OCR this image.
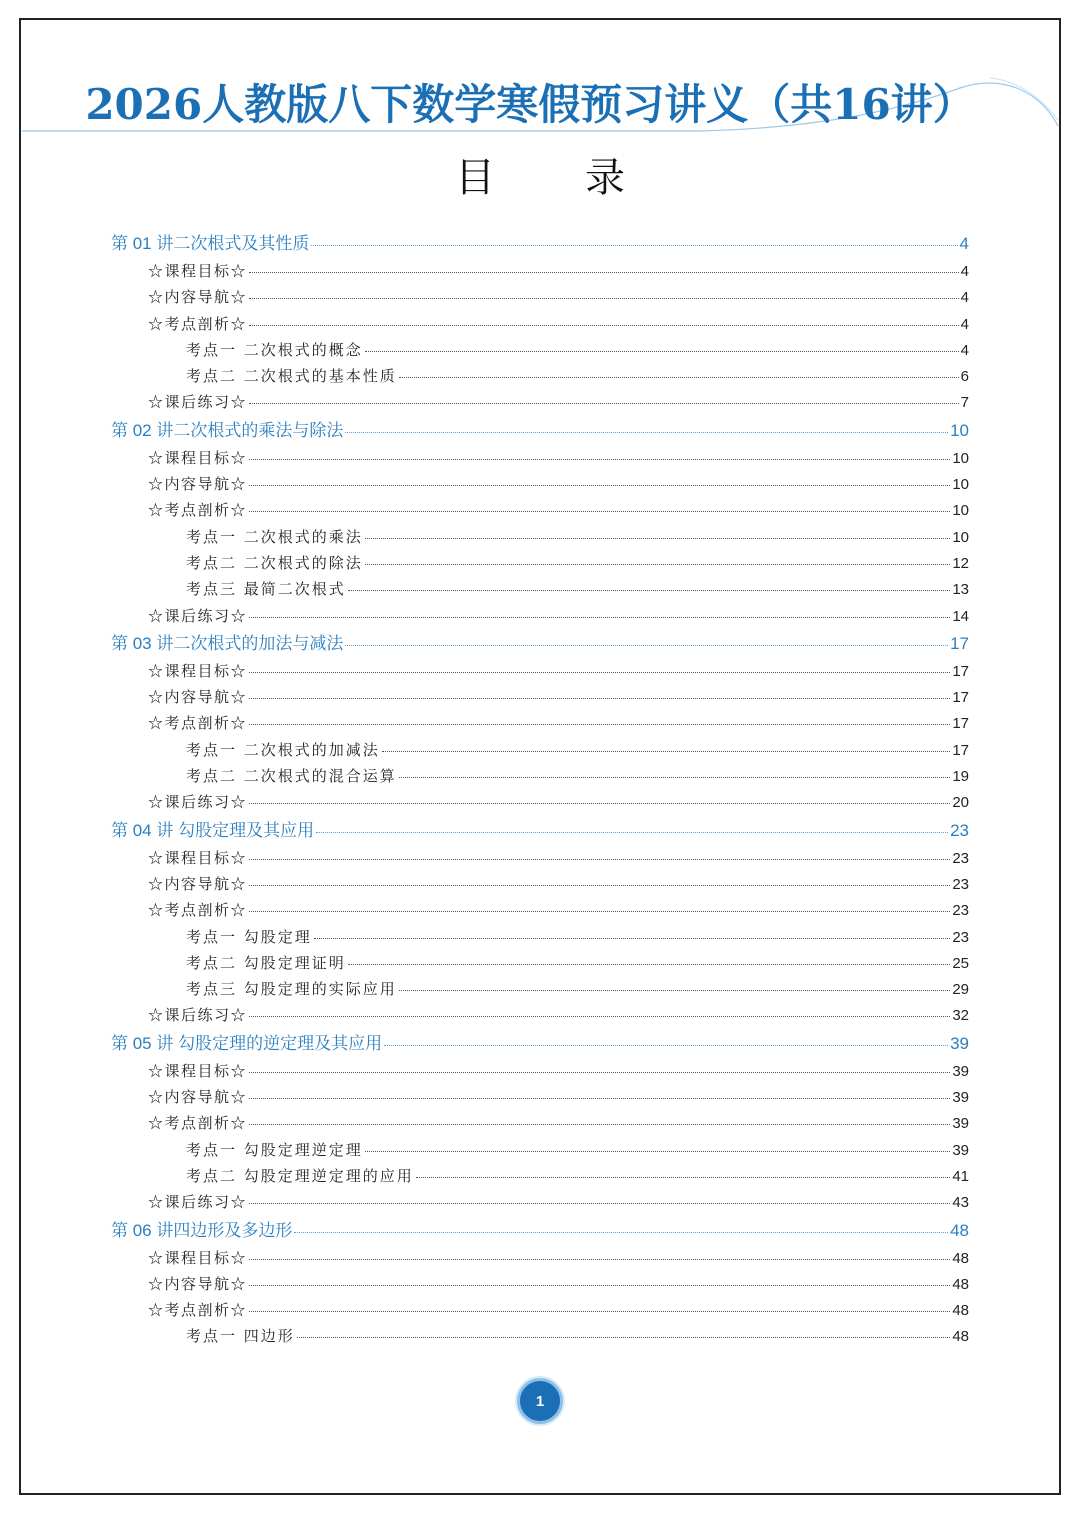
2026人教版八下数学寒假预习讲义（共16讲）
目 录
第 01 讲二次根式及其性质	4
☆课程目标☆	4
☆内容导航☆	4
☆考点剖析☆	4
考点一 二次根式的概念	4
考点二 二次根式的基本性质	6
☆课后练习☆	7
第 02 讲二次根式的乘法与除法	10
☆课程目标☆	10
☆内容导航☆	10
☆考点剖析☆	10
考点一 二次根式的乘法	10
考点二 二次根式的除法	12
考点三 最简二次根式	13
☆课后练习☆	14
第 03 讲二次根式的加法与减法	17
☆课程目标☆	17
☆内容导航☆	17
☆考点剖析☆	17
考点一 二次根式的加减法	17
考点二 二次根式的混合运算	19
☆课后练习☆	20
第 04 讲 勾股定理及其应用	23
☆课程目标☆	23
☆内容导航☆	23
☆考点剖析☆	23
考点一 勾股定理	23
考点二 勾股定理证明	25
考点三 勾股定理的实际应用	29
☆课后练习☆	32
第 05 讲 勾股定理的逆定理及其应用	39
☆课程目标☆	39
☆内容导航☆	39
☆考点剖析☆	39
考点一 勾股定理逆定理	39
考点二 勾股定理逆定理的应用	41
☆课后练习☆	43
第 06 讲四边形及多边形	48
☆课程目标☆	48
☆内容导航☆	48
☆考点剖析☆	48
考点一 四边形	48
1
